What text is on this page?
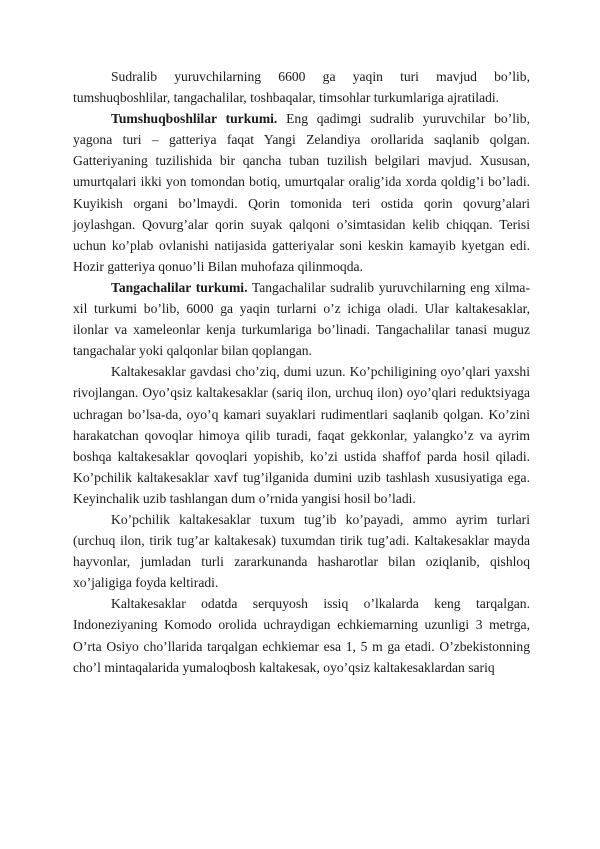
Sudralib yuruvchilarning 6600 ga yaqin turi mavjud bo’lib, tumshuqboshlilar, tangachalilar, toshbaqalar, timsohlar turkumlariga ajratiladi.

Tumshuqboshlilar turkumi. Eng qadimgi sudralib yuruvchilar bo’lib, yagona turi – gatteriya faqat Yangi Zelandiya orollarida saqlanib qolgan. Gatteriyaning tuzilishida bir qancha tuban tuzilish belgilari mavjud. Xususan, umurtqalari ikki yon tomondan botiq, umurtqalar oralig’ida xorda qoldig’i bo’ladi. Kuyikish organi bo’lmaydi. Qorin tomonida teri ostida qorin qovurg’alari joylashgan. Qovurg’alar qorin suyak qalqoni o’simtasidan kelib chiqqan. Terisi uchun ko’plab ovlanishi natijasida gatteriyalar soni keskin kamayib kyetgan edi. Hozir gatteriya qonuo’li Bilan muhofaza qilinmoqda.

Tangachalilar turkumi. Tangachalilar sudralib yuruvchilarning eng xilma-xil turkumi bo’lib, 6000 ga yaqin turlarni o’z ichiga oladi. Ular kaltakesaklar, ilonlar va xameleonlar kenja turkumlariga bo’linadi. Tangachalilar tanasi muguz tangachalar yoki qalqonlar bilan qoplangan.

Kaltakesaklar gavdasi cho’ziq, dumi uzun. Ko’pchiligining oyo’qlari yaxshi rivojlangan. Oyo’qsiz kaltakesaklar (sariq ilon, urchuq ilon) oyo’qlari reduktsiyaga uchragan bo’lsa-da, oyo’q kamari suyaklari rudimentlari saqlanib qolgan. Ko’zini harakatchan qovoqlar himoya qilib turadi, faqat gekkonlar, yalangko’z va ayrim boshqa kaltakesaklar qovoqlari yopishib, ko’zi ustida shaffof parda hosil qiladi. Ko’pchilik kaltakesaklar xavf tug’ilganida dumini uzib tashlash xususiyatiga ega. Keyinchalik uzib tashlangan dum o’rnida yangisi hosil bo’ladi.

Ko’pchilik kaltakesaklar tuxum tug’ib ko’payadi, ammo ayrim turlari (urchuq ilon, tirik tug’ar kaltakesak) tuxumdan tirik tug’adi. Kaltakesaklar mayda hayvonlar, jumladan turli zararkunanda hasharotlar bilan oziqlanib, qishloq xo’jaligiga foyda keltiradi.

Kaltakesaklar odatda serquyosh issiq o’lkalarda keng tarqalgan. Indoneziyaning Komodo orolida uchraydigan echkiemarning uzunligi 3 metrga, O’rta Osiyo cho’llarida tarqalgan echkiemar esa 1, 5 m ga etadi. O’zbekistonning cho’l mintaqalarida yumaloqbosh kaltakesak, oyo’qsiz kaltakesaklardan sariq
